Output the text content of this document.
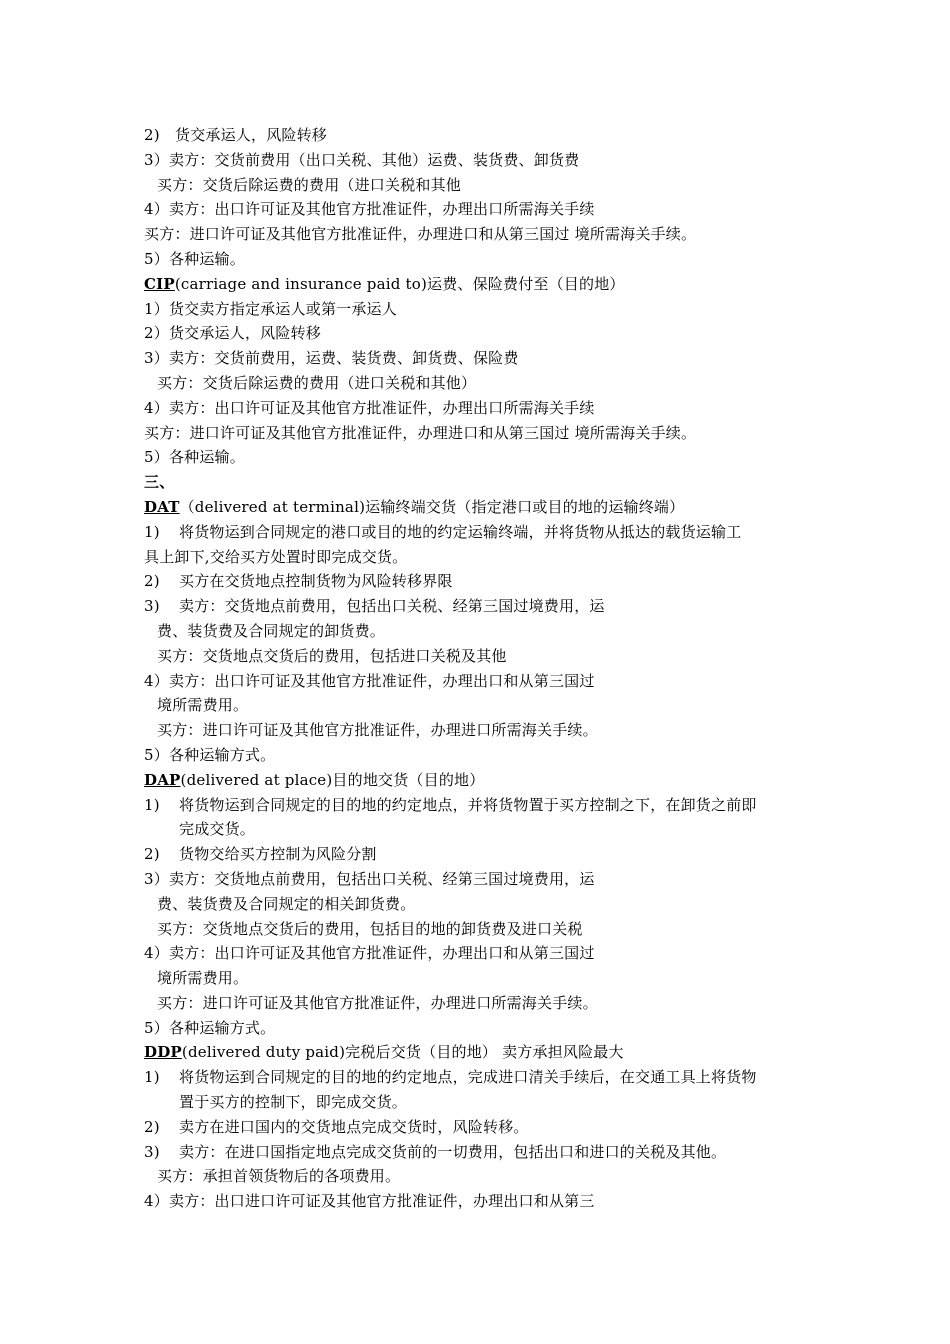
2)　货交承运人，风险转移
3）卖方：交货前费用（出口关税、其他）运费、装货费、卸货费
买方：交货后除运费的费用（进口关税和其他
4）卖方：出口许可证及其他官方批准证件，办理出口所需海关手续
买方：进口许可证及其他官方批准证件，办理进口和从第三国过 境所需海关手续。
5）各种运输。
CIP(carriage and insurance paid to)运费、保险费付至（目的地）
1）货交卖方指定承运人或第一承运人
2）货交承运人，风险转移
3）卖方：交货前费用，运费、装货费、卸货费、保险费
买方：交货后除运费的费用（进口关税和其他）
4）卖方：出口许可证及其他官方批准证件，办理出口所需海关手续
买方：进口许可证及其他官方批准证件，办理进口和从第三国过 境所需海关手续。
5）各种运输。
三、
DAT（delivered at terminal)运输终端交货（指定港口或目的地的运输终端）
1) 将货物运到合同规定的港口或目的地的约定运输终端，并将货物从抵达的载货运输工
具上卸下,交给买方处置时即完成交货。
2) 买方在交货地点控制货物为风险转移界限
3) 卖方：交货地点前费用，包括出口关税、经第三国过境费用，运
费、装货费及合同规定的卸货费。
买方：交货地点交货后的费用，包括进口关税及其他
4）卖方：出口许可证及其他官方批准证件，办理出口和从第三国过
境所需费用。
买方：进口许可证及其他官方批准证件，办理进口所需海关手续。
5）各种运输方式。
DAP(delivered at place)目的地交货（目的地）
1) 将货物运到合同规定的目的地的约定地点，并将货物置于买方控制之下，在卸货之前即
完成交货。
2) 货物交给买方控制为风险分割
3）卖方：交货地点前费用，包括出口关税、经第三国过境费用，运
费、装货费及合同规定的相关卸货费。
买方：交货地点交货后的费用，包括目的地的卸货费及进口关税
4）卖方：出口许可证及其他官方批准证件，办理出口和从第三国过
境所需费用。
买方：进口许可证及其他官方批准证件，办理进口所需海关手续。
5）各种运输方式。
DDP(delivered duty paid)完税后交货（目的地） 卖方承担风险最大
1) 将货物运到合同规定的目的地的约定地点，完成进口清关手续后，在交通工具上将货物
置于买方的控制下，即完成交货。
2) 卖方在进口国内的交货地点完成交货时，风险转移。
3) 卖方：在进口国指定地点完成交货前的一切费用，包括出口和进口的关税及其他。
买方：承担首领货物后的各项费用。
4）卖方：出口进口许可证及其他官方批准证件，办理出口和从第三
